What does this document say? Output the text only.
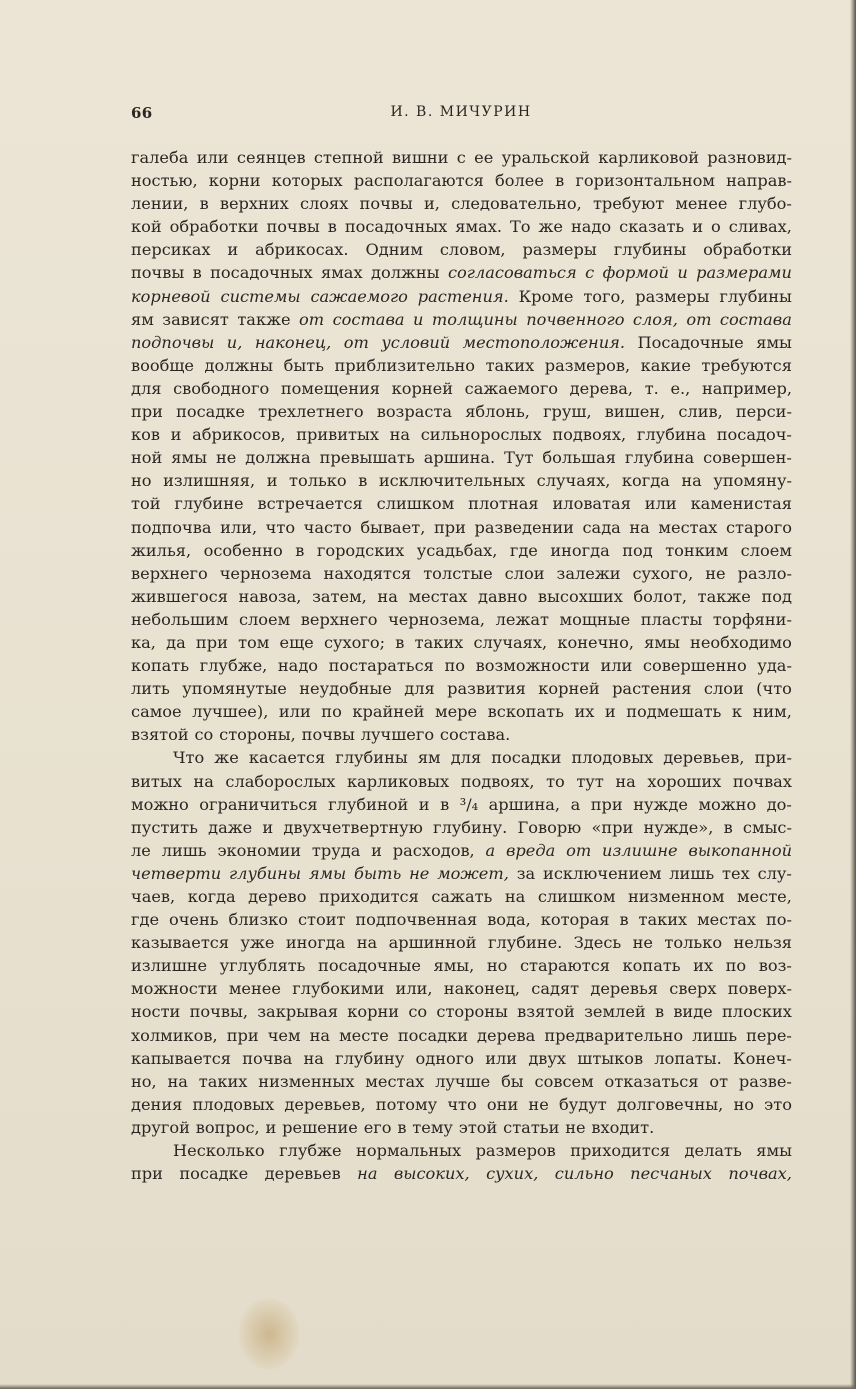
66	И. В. МИЧУРИН
галеба или сеянцев степной вишни с ее уральской карликовой разновид-
ностью, корни которых располагаются более в горизонтальном направ-
лении, в верхних слоях почвы и, следовательно, требуют менее глубо-
кой обработки почвы в посадочных ямах. То же надо сказать и о сливах,
персиках и абрикосах. Одним словом, размеры глубины обработки
почвы в посадочных ямах должны согласоваться с формой и размерами
корневой системы сажаемого растения. Кроме того, размеры глубины
ям зависят также от состава и толщины почвенного слоя, от состава
подпочвы и, наконец, от условий местоположения. Посадочные ямы
вообще должны быть приблизительно таких размеров, какие требуются
для свободного помещения корней сажаемого дерева, т. е., например,
при посадке трехлетнего возраста яблонь, груш, вишен, слив, перси-
ков и абрикосов, привитых на сильнорослых подвоях, глубина посадоч-
ной ямы не должна превышать аршина. Тут большая глубина совершен-
но излишняя, и только в исключительных случаях, когда на упомяну-
той глубине встречается слишком плотная иловатая или каменистая
подпочва или, что часто бывает, при разведении сада на местах старого
жилья, особенно в городских усадьбах, где иногда под тонким слоем
верхнего чернозема находятся толстые слои залежи сухого, не разло-
жившегося навоза, затем, на местах давно высохших болот, также под
небольшим слоем верхнего чернозема, лежат мощные пласты торфяни-
ка, да при том еще сухого; в таких случаях, конечно, ямы необходимо
копать глубже, надо постараться по возможности или совершенно уда-
лить упомянутые неудобные для развития корней растения слои (что
самое лучшее), или по крайней мере вскопать их и подмешать к ним,
взятой со стороны, почвы лучшего состава.
Что же касается глубины ям для посадки плодовых деревьев, при-
витых на слаборослых карликовых подвоях, то тут на хороших почвах
можно ограничиться глубиной и в ³/₄ аршина, а при нужде можно до-
пустить даже и двухчетвертную глубину. Говорю «при нужде», в смыс-
ле лишь экономии труда и расходов, а вреда от излишне выкопанной
четверти глубины ямы быть не может, за исключением лишь тех слу-
чаев, когда дерево приходится сажать на слишком низменном месте,
где очень близко стоит подпочвенная вода, которая в таких местах по-
казывается уже иногда на аршинной глубине. Здесь не только нельзя
излишне углублять посадочные ямы, но стараются копать их по воз-
можности менее глубокими или, наконец, садят деревья сверх поверх-
ности почвы, закрывая корни со стороны взятой землей в виде плоских
холмиков, при чем на месте посадки дерева предварительно лишь пере-
капывается почва на глубину одного или двух штыков лопаты. Конеч-
но, на таких низменных местах лучше бы совсем отказаться от разве-
дения плодовых деревьев, потому что они не будут долговечны, но это
другой вопрос, и решение его в тему этой статьи не входит.
Несколько глубже нормальных размеров приходится делать ямы
при посадке деревьев на высоких, сухих, сильно песчаных почвах,
